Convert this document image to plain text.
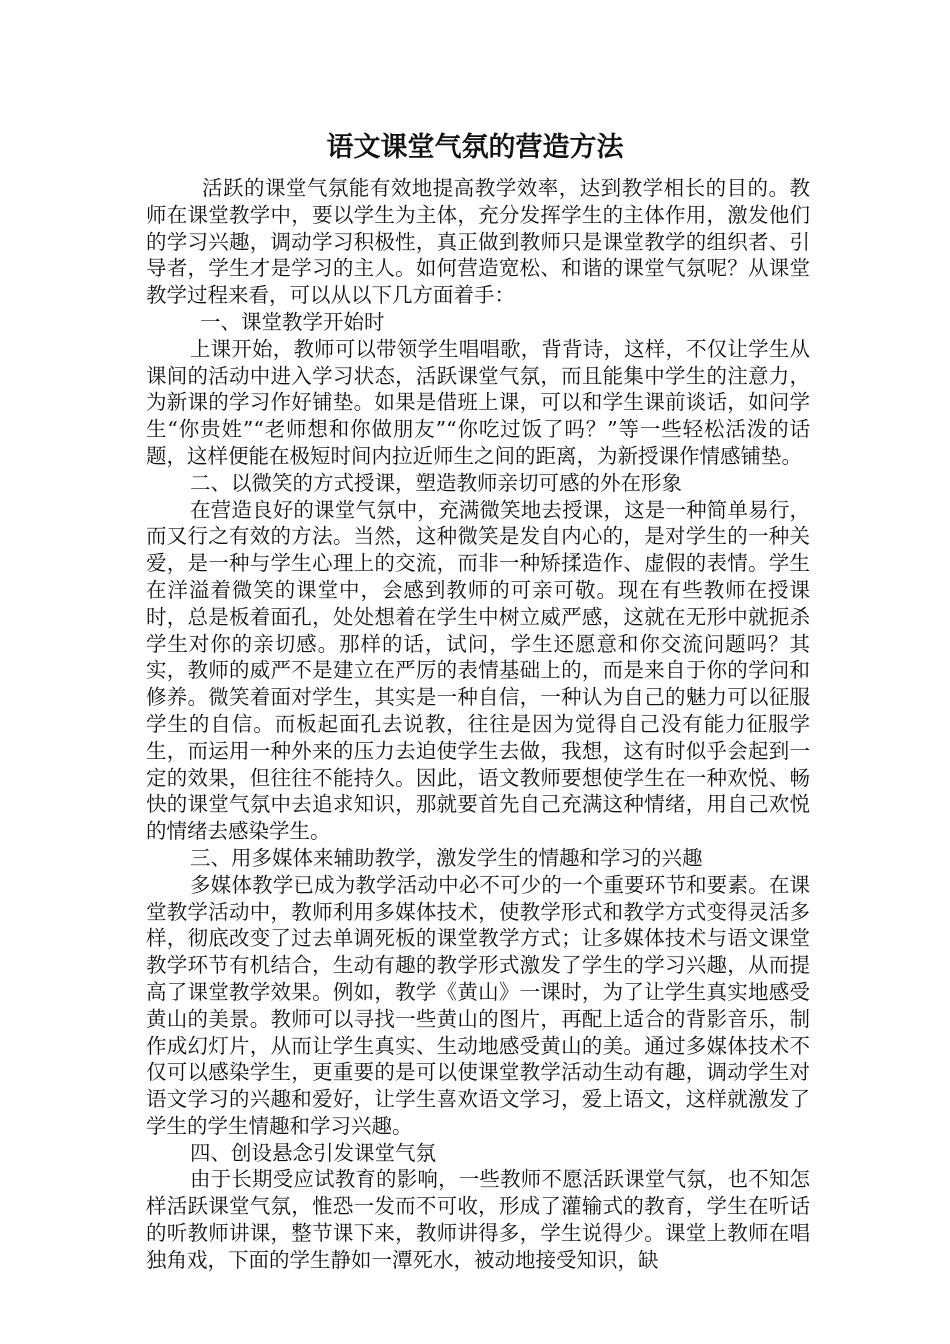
语文课堂气氛的营造方法

活跃的课堂气氛能有效地提高教学效率，达到教学相长的目的。教师在课堂教学中，要以学生为主体，充分发挥学生的主体作用，激发他们的学习兴趣，调动学习积极性，真正做到教师只是课堂教学的组织者、引导者，学生才是学习的主人。如何营造宽松、和谐的课堂气氛呢？从课堂教学过程来看，可以从以下几方面着手：

一、课堂教学开始时

上课开始，教师可以带领学生唱唱歌，背背诗，这样，不仅让学生从课间的活动中进入学习状态，活跃课堂气氛，而且能集中学生的注意力，为新课的学习作好铺垫。如果是借班上课，可以和学生课前谈话，如问学生“你贵姓”“老师想和你做朋友”“你吃过饭了吗？”等一些轻松活泼的话题，这样便能在极短时间内拉近师生之间的距离，为新授课作情感铺垫。

二、以微笑的方式授课，塑造教师亲切可感的外在形象

在营造良好的课堂气氛中，充满微笑地去授课，这是一种简单易行，而又行之有效的方法。当然，这种微笑是发自内心的，是对学生的一种关爱，是一种与学生心理上的交流，而非一种矫揉造作、虚假的表情。学生在洋溢着微笑的课堂中，会感到教师的可亲可敬。现在有些教师在授课时，总是板着面孔，处处想着在学生中树立威严感，这就在无形中就扼杀学生对你的亲切感。那样的话，试问，学生还愿意和你交流问题吗？其实，教师的威严不是建立在严厉的表情基础上的，而是来自于你的学问和修养。微笑着面对学生，其实是一种自信，一种认为自己的魅力可以征服学生的自信。而板起面孔去说教，往往是因为觉得自己没有能力征服学生，而运用一种外来的压力去迫使学生去做，我想，这有时似乎会起到一定的效果，但往往不能持久。因此，语文教师要想使学生在一种欢悦、畅快的课堂气氛中去追求知识，那就要首先自己充满这种情绪，用自己欢悦的情绪去感染学生。

三、用多媒体来辅助教学，激发学生的情趣和学习的兴趣

多媒体教学已成为教学活动中必不可少的一个重要环节和要素。在课堂教学活动中，教师利用多媒体技术，使教学形式和教学方式变得灵活多样，彻底改变了过去单调死板的课堂教学方式；让多媒体技术与语文课堂教学环节有机结合，生动有趣的教学形式激发了学生的学习兴趣，从而提高了课堂教学效果。例如，教学《黄山》一课时，为了让学生真实地感受黄山的美景。教师可以寻找一些黄山的图片，再配上适合的背影音乐，制作成幻灯片，从而让学生真实、生动地感受黄山的美。通过多媒体技术不仅可以感染学生，更重要的是可以使课堂教学活动生动有趣，调动学生对语文学习的兴趣和爱好，让学生喜欢语文学习，爱上语文，这样就激发了学生的学生情趣和学习兴趣。

四、创设悬念引发课堂气氛

由于长期受应试教育的影响，一些教师不愿活跃课堂气氛，也不知怎样活跃课堂气氛，惟恐一发而不可收，形成了灌输式的教育，学生在听话的听教师讲课，整节课下来，教师讲得多，学生说得少。课堂上教师在唱独角戏，下面的学生静如一潭死水，被动地接受知识，缺
